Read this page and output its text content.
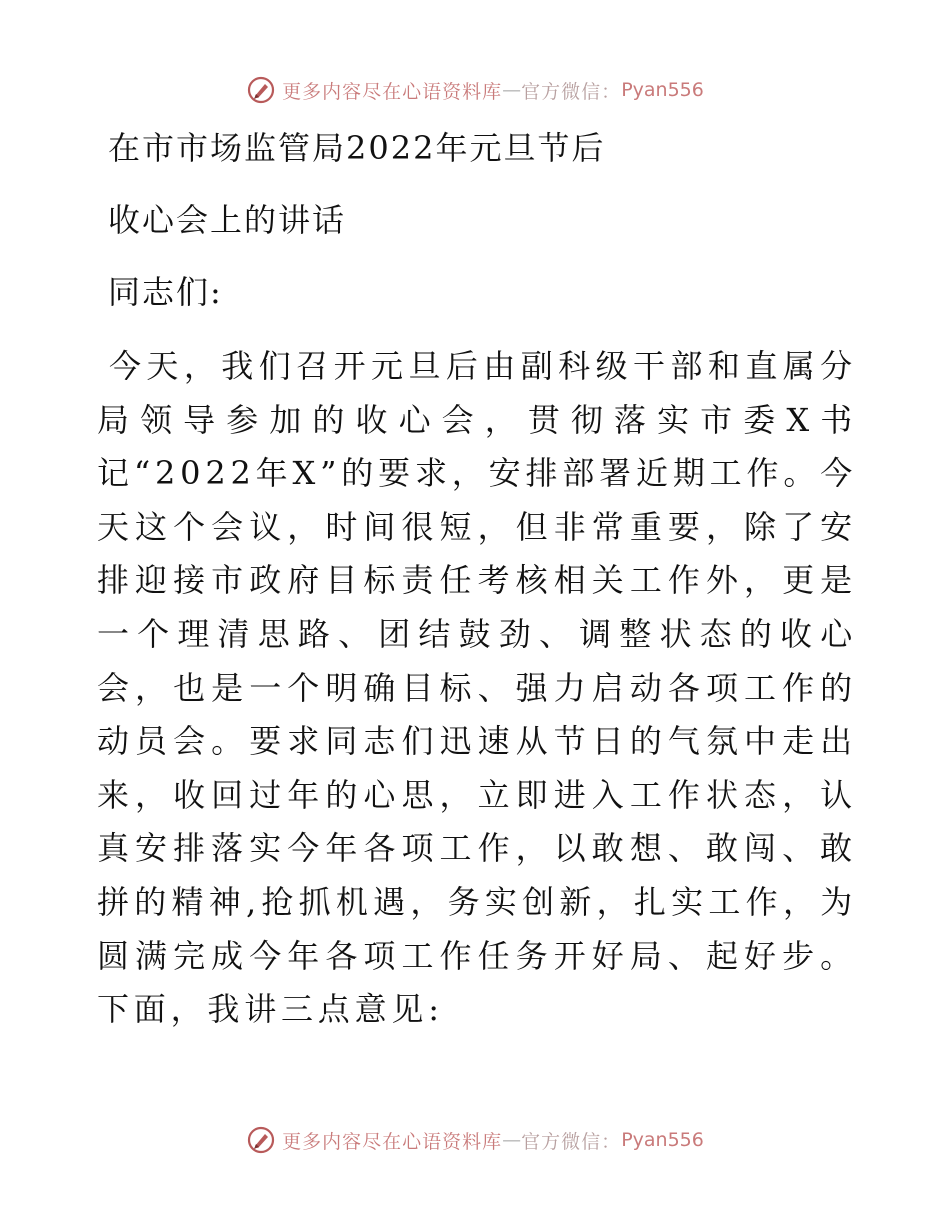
更多内容尽在心语资料库 — 官方微信： Pyan556
在市市场监管局2022年元旦节后
收心会上的讲话
同志们:
今天，我们召开元旦后由副科级干部和直属分局领导参加的收心会，贯彻落实市委X书记“2022年X”的要求，安排部署近期工作。今天这个会议，时间很短，但非常重要，除了安排迎接市政府目标责任考核相关工作外，更是一个理清思路、团结鼓劲、调整状态的收心会，也是一个明确目标、强力启动各项工作的动员会。要求同志们迅速从节日的气氛中走出来，收回过年的心思，立即进入工作状态，认真安排落实今年各项工作，以敢想、敢闯、敢拼的精神,抢抓机遇，务实创新，扎实工作，为圆满完成今年各项工作任务开好局、起好步。下面，我讲三点意见:
更多内容尽在心语资料库 — 官方微信： Pyan556
